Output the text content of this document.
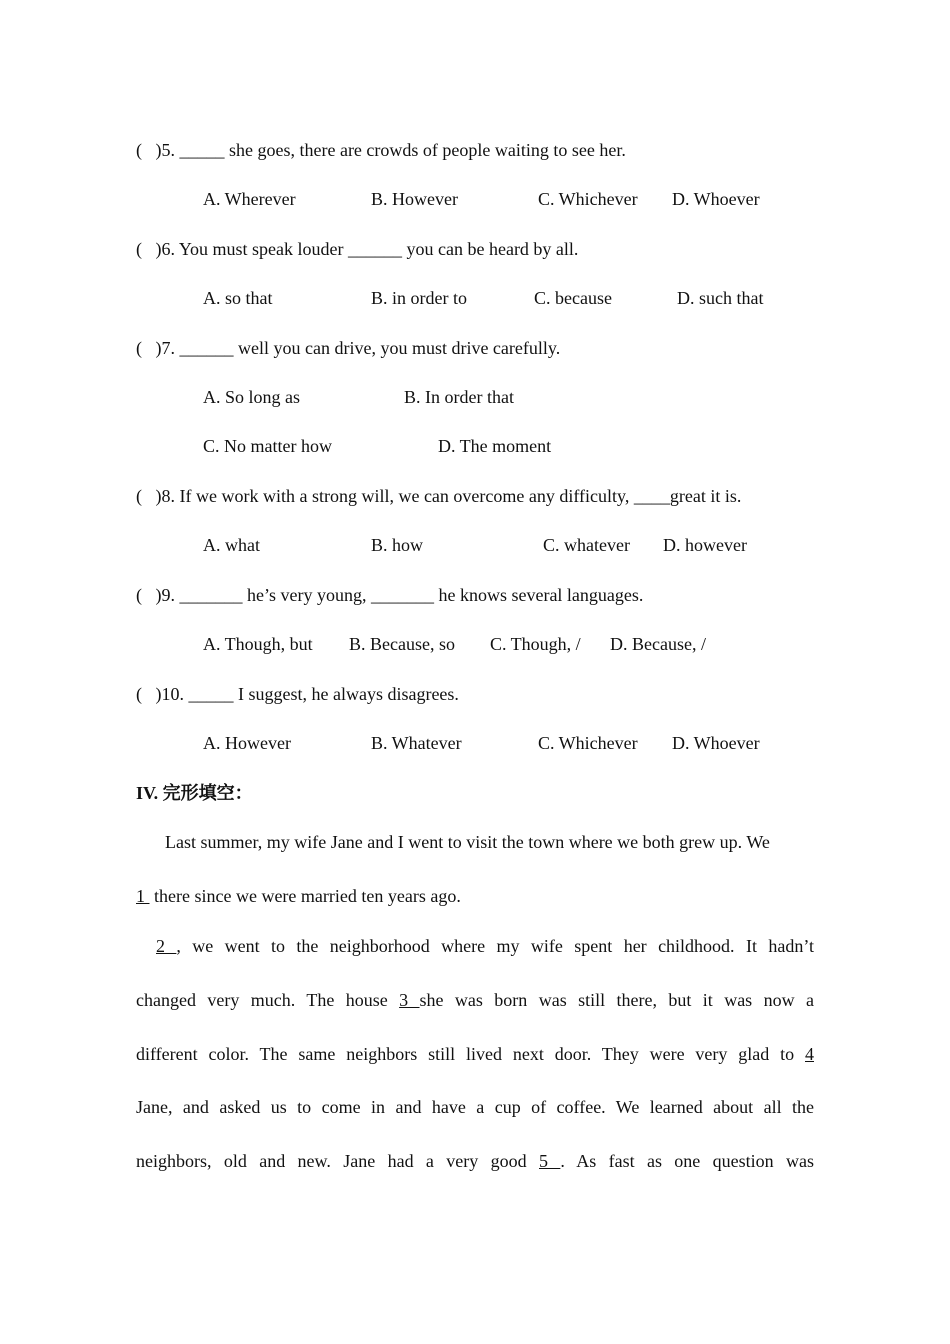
(   )5. _____ she goes, there are crowds of people waiting to see her.
A. Wherever	B. However	C. Whichever D. Whoever
(   )6. You must speak louder ______ you can be heard by all.
A. so that	B. in order to	C. because	D. such that
(   )7. ______ well you can drive, you must drive carefully.
A. So long as	B. In order that
C. No matter how	D. The moment
(   )8. If we work with a strong will, we can overcome any difficulty, ____great it is.
A. what	B. how	C. whatever D. however
(   )9. _______ he’s very young, _______ he knows several languages.
A. Though, but B. Because, so C. Though, / D. Because, /
(   )10. _____ I suggest, he always disagrees.
A. However	B. Whatever	C. Whichever D. Whoever
IV. 完形填空：
Last summer, my wife Jane and I went to visit the town where we both grew up. We
1  there since we were married ten years ago.
2 , we went to the neighborhood where my wife spent her childhood. It hadn’t
changed very much. The house 3 she was born was still there, but it was now a
different color. The same neighbors still lived next door. They were very glad to 4
Jane, and asked us to come in and have a cup of coffee. We learned about all the
neighbors, old and new. Jane had a very good 5 . As fast as one question was
